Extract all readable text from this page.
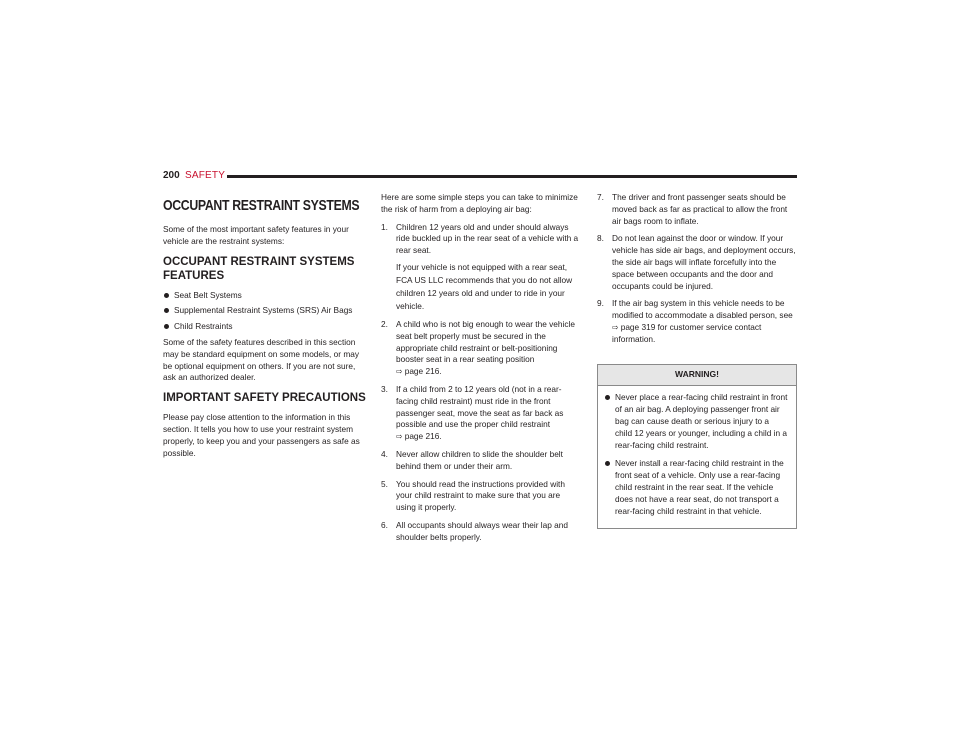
200 SAFETY
OCCUPANT RESTRAINT SYSTEMS

Some of the most important safety features in your vehicle are the restraint systems:

OCCUPANT RESTRAINT SYSTEMS
FEATURES
Seat Belt Systems
Supplemental Restraint Systems (SRS) Air Bags
Child Restraints

Some of the safety features described in this section may be standard equipment on some models, or may be optional equipment on others. If you are not sure, ask an authorized dealer.

IMPORTANT SAFETY PRECAUTIONS

Please pay close attention to the information in this section. It tells you how to use your restraint system properly, to keep you and your passengers as safe as possible.

Here are some simple steps you can take to minimize the risk of harm from a deploying air bag:

1. Children 12 years old and under should always ride buckled up in the rear seat of a vehicle with a rear seat.
If your vehicle is not equipped with a rear seat, FCA US LLC recommends that you do not allow children 12 years old and under to ride in your vehicle.
2. A child who is not big enough to wear the vehicle seat belt properly must be secured in the appropriate child restraint or belt-positioning booster seat in a rear seating position ⇨ page 216.
3. If a child from 2 to 12 years old (not in a rear-facing child restraint) must ride in the front passenger seat, move the seat as far back as possible and use the proper child restraint ⇨ page 216.
4. Never allow children to slide the shoulder belt behind them or under their arm.
5. You should read the instructions provided with your child restraint to make sure that you are using it properly.
6. All occupants should always wear their lap and shoulder belts properly.
7. The driver and front passenger seats should be moved back as far as practical to allow the front air bags room to inflate.
8. Do not lean against the door or window. If your vehicle has side air bags, and deployment occurs, the side air bags will inflate forcefully into the space between occupants and the door and occupants could be injured.
9. If the air bag system in this vehicle needs to be modified to accommodate a disabled person, see ⇨ page 319 for customer service contact information.
WARNING!
Never place a rear-facing child restraint in front of an air bag. A deploying passenger front air bag can cause death or serious injury to a child 12 years or younger, including a child in a rear-facing child restraint.
Never install a rear-facing child restraint in the front seat of a vehicle. Only use a rear-facing child restraint in the rear seat. If the vehicle does not have a rear seat, do not transport a rear-facing child restraint in that vehicle.
